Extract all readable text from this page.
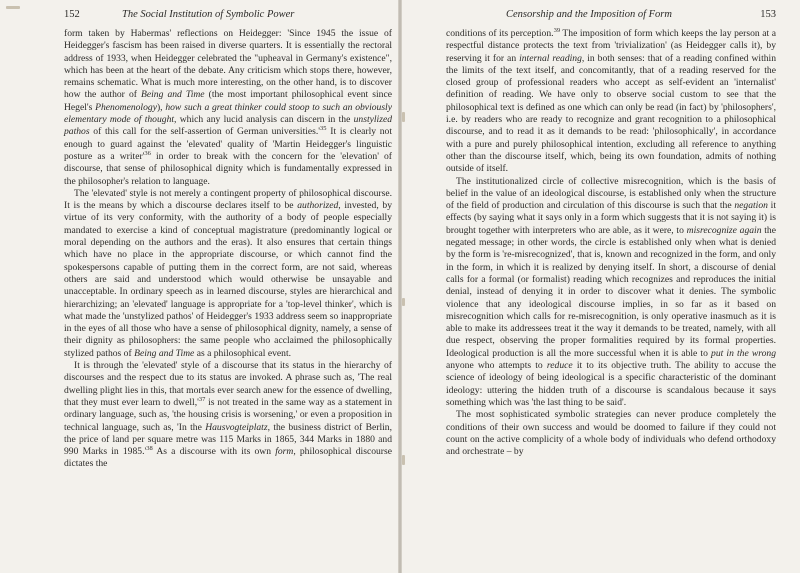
152	The Social Institution of Symbolic Power

form taken by Habermas' reflections on Heidegger: 'Since 1945 the issue of Heidegger's fascism has been raised in diverse quarters. It is essentially the rectoral address of 1933, when Heidegger celebrated the "upheaval in Germany's existence", which has been at the heart of the debate. Any criticism which stops there, however, remains schematic. What is much more interesting, on the other hand, is to discover how the author of Being and Time (the most important philosophical event since Hegel's Phenomenology), how such a great thinker could stoop to such an obviously elementary mode of thought, which any lucid analysis can discern in the unstylized pathos of this call for the self-assertion of German $universities.'^{35}$ It is clearly not enough to guard against the 'elevated' quality of 'Martin Heidegger's linguistic posture as a $writer'^{36}$ in order to break with the concern for the 'elevation' of discourse, that sense of philosophical dignity which is fundamentally expressed in the philosopher's relation to language.

The 'elevated' style is not merely a contingent property of philosophical discourse. It is the means by which a discourse declares itself to be authorized, invested, by virtue of its very conformity, with the authority of a body of people especially mandated to exercise a kind of conceptual magistrature (predominantly logical or moral depending on the authors and the eras). It also ensures that certain things which have no place in the appropriate discourse, or which cannot find the spokespersons capable of putting them in the correct form, are not said, whereas others are said and understood which would otherwise be unsayable and unacceptable. In ordinary speech as in learned discourse, styles are hierarchical and hierarchizing; an 'elevated' language is appropriate for a 'top-level thinker', which is what made the 'unstylized pathos' of Heidegger's 1933 address seem so inappropriate in the eyes of all those who have a sense of philosophical dignity, namely, a sense of their dignity as philosophers: the same people who acclaimed the philosophically stylized pathos of Being and Time as a philosophical event.

It is through the 'elevated' style of a discourse that its status in the hierarchy of discourses and the respect due to its status are invoked. A phrase such as, 'The real dwelling plight lies in this, that mortals ever search anew for the essence of dwelling, that they must ever learn to $dwell,'^{37}$ is not treated in the same way as a statement in ordinary language, such as, 'the housing crisis is worsening,' or even a proposition in technical language, such as, 'In the Hausvogteiplatz, the business district of Berlin, the price of land per square metre was 115 Marks in 1865, 344 Marks in 1880 and 990 Marks in $1985.'^{38}$ As a discourse with its own form, philosophical discourse dictates the

Censorship and the Imposition of Form	153

conditions of its perception.$^{39}$ The imposition of form which keeps the lay person at a respectful distance protects the text from 'trivialization' (as Heidegger calls it), by reserving it for an internal reading, in both senses: that of a reading confined within the limits of the text itself, and concomitantly, that of a reading reserved for the closed group of professional readers who accept as self-evident an 'internalist' definition of reading. We have only to observe social custom to see that the philosophical text is defined as one which can only be read (in fact) by 'philosophers', i.e. by readers who are ready to recognize and grant recognition to a philosophical discourse, and to read it as it demands to be read: 'philosophically', in accordance with a pure and purely philosophical intention, excluding all reference to anything other than the discourse itself, which, being its own foundation, admits of nothing outside of itself.

The institutionalized circle of collective misrecognition, which is the basis of belief in the value of an ideological discourse, is established only when the structure of the field of production and circulation of this discourse is such that the negation it effects (by saying what it says only in a form which suggests that it is not saying it) is brought together with interpreters who are able, as it were, to misrecognize again the negated message; in other words, the circle is established only when what is denied by the form is 're-misrecognized', that is, known and recognized in the form, and only in the form, in which it is realized by denying itself. In short, a discourse of denial calls for a formal (or formalist) reading which recognizes and reproduces the initial denial, instead of denying it in order to discover what it denies. The symbolic violence that any ideological discourse implies, in so far as it based on misrecognition which calls for re-misrecognition, is only operative inasmuch as it is able to make its addressees treat it the way it demands to be treated, namely, with all due respect, observing the proper formalities required by its formal properties. Ideological production is all the more successful when it is able to put in the wrong anyone who attempts to reduce it to its objective truth. The ability to accuse the science of ideology of being ideological is a specific characteristic of the dominant ideology: uttering the hidden truth of a discourse is scandalous because it says something which was 'the last thing to be said'.

The most sophisticated symbolic strategies can never produce completely the conditions of their own success and would be doomed to failure if they could not count on the active complicity of a whole body of individuals who defend orthodoxy and orchestrate – by
